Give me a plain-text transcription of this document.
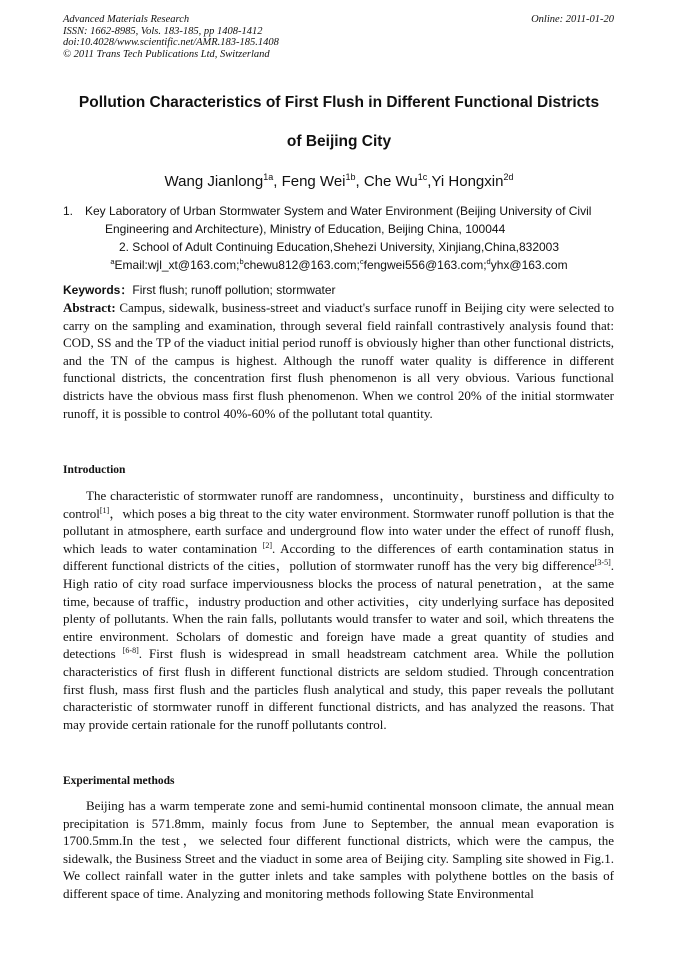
Advanced Materials Research
ISSN: 1662-8985, Vols. 183-185, pp 1408-1412
doi:10.4028/www.scientific.net/AMR.183-185.1408
© 2011 Trans Tech Publications Ltd, Switzerland
Online: 2011-01-20
Pollution Characteristics of First Flush in Different Functional Districts
of Beijing City
Wang Jianlong$^{1a}$, Feng Wei$^{1b}$, Che $Wu^{1c},Yi$ Hongxin$^{2d}$
1. Key Laboratory of Urban Stormwater System and Water Environment (Beijing University of Civil
Engineering and Architecture), Ministry of Education, Beijing China, 100044
2. School of Adult Continuing Education,Shehezi University, Xinjiang,China,832003
$^a$Email:wjl_xt@163.com;$^b$chewu812@163.com;$^c$fengwei556@163.com;$^d$yhx@163.com
Keywords：First flush; runoff pollution; stormwater
Abstract: Campus, sidewalk, business-street and viaduct's surface runoff in Beijing city were selected to carry on the sampling and examination, through several field rainfall contrastively analysis found that: COD, SS and the TP of the viaduct initial period runoff is obviously higher than other functional districts, and the TN of the campus is highest. Although the runoff water quality is difference in different functional districts, the concentration first flush phenomenon is all very obvious. Various functional districts have the obvious mass first flush phenomenon. When we control 20% of the initial stormwater runoff, it is possible to control 40%-60% of the pollutant total quantity.
Introduction
The characteristic of stormwater runoff are randomness，uncontinuity，burstiness and difficulty to control[1]，which poses a big threat to the city water environment. Stormwater runoff pollution is that the pollutant in atmosphere, earth surface and underground flow into water under the effect of runoff flush, which leads to water contamination [2]. According to the differences of earth contamination status in different functional districts of the cities，pollution of stormwater runoff has the very big difference[3-5]. High ratio of city road surface imperviousness blocks the process of natural penetration，at the same time, because of traffic，industry production and other activities，city underlying surface has deposited plenty of pollutants. When the rain falls, pollutants would transfer to water and soil, which threatens the entire environment. Scholars of domestic and foreign have made a great quantity of studies and detections [6-8]. First flush is widespread in small headstream catchment area. While the pollution characteristics of first flush in different functional districts are seldom studied. Through concentration first flush, mass first flush and the particles flush analytical and study, this paper reveals the pollutant characteristic of stormwater runoff in different functional districts, and has analyzed the reasons. That may provide certain rationale for the runoff pollutants control.
Experimental methods
Beijing has a warm temperate zone and semi-humid continental monsoon climate, the annual mean precipitation is 571.8mm, mainly focus from June to September, the annual mean evaporation is 1700.5mm.In the test，we selected four different functional districts, which were the campus, the sidewalk, the Business Street and the viaduct in some area of Beijing city. Sampling site showed in Fig.1. We collect rainfall water in the gutter inlets and take samples with polythene bottles on the basis of different space of time. Analyzing and monitoring methods following State Environmental
